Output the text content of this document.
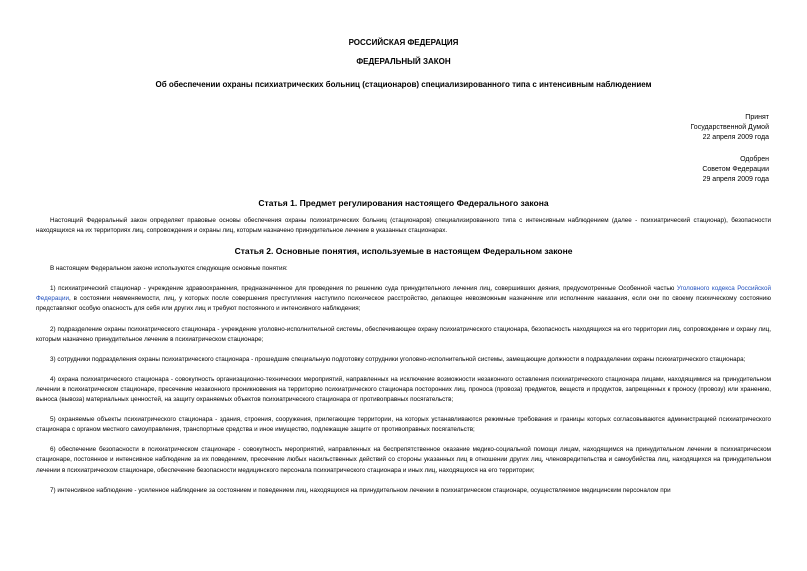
РОССИЙСКАЯ ФЕДЕРАЦИЯ
ФЕДЕРАЛЬНЫЙ ЗАКОН
Об обеспечении охраны психиатрических больниц (стационаров) специализированного типа с интенсивным наблюдением
Принят
Государственной Думой
22 апреля 2009 года
Одобрен
Советом Федерации
29 апреля 2009 года
Статья 1. Предмет регулирования настоящего Федерального закона

Настоящий Федеральный закон определяет правовые основы обеспечения охраны психиатрических больниц (стационаров) специализированного типа с интенсивным наблюдением (далее - психиатрический стационар), безопасности находящихся на их территориях лиц, сопровождения и охраны лиц, которым назначено принудительное лечение в указанных стационарах.

Статья 2. Основные понятия, используемые в настоящем Федеральном законе

В настоящем Федеральном законе используются следующие основные понятия:

1) психиатрический стационар - учреждение здравоохранения, предназначенное для проведения по решению суда принудительного лечения лиц, совершивших деяния, предусмотренные Особенной частью Уголовного кодекса Российской Федерации, в состоянии невменяемости, лиц, у которых после совершения преступления наступило психическое расстройство, делающее невозможным назначение или исполнение наказания, если они по своему психическому состоянию представляют особую опасность для себя или других лиц и требуют постоянного и интенсивного наблюдения;

2) подразделение охраны психиатрического стационара - учреждение уголовно-исполнительной системы, обеспечивающее охрану психиатрического стационара, безопасность находящихся на его территории лиц, сопровождение и охрану лиц, которым назначено принудительное лечение в психиатрическом стационаре;

3) сотрудники подразделения охраны психиатрического стационара - прошедшие специальную подготовку сотрудники уголовно-исполнительной системы, замещающие должности в подразделении охраны психиатрического стационара;

4) охрана психиатрического стационара - совокупность организационно-технических мероприятий, направленных на исключение возможности незаконного оставления психиатрического стационара лицами, находящимися на принудительном лечении в психиатрическом стационаре, пресечение незаконного проникновения на территорию психиатрического стационара посторонних лиц, проноса (провоза) предметов, веществ и продуктов, запрещенных к проносу (провозу) или хранению, выноса (вывоза) материальных ценностей, на защиту охраняемых объектов психиатрического стационара от противоправных посягательств;

5) охраняемые объекты психиатрического стационара - здания, строения, сооружения, прилегающие территории, на которых устанавливаются режимные требования и границы которых согласовываются администрацией психиатрического стационара с органом местного самоуправления, транспортные средства и иное имущество, подлежащие защите от противоправных посягательств;

6) обеспечение безопасности в психиатрическом стационаре - совокупность мероприятий, направленных на беспрепятственное оказание медико-социальной помощи лицам, находящимся на принудительном лечении в психиатрическом стационаре, постоянное и интенсивное наблюдение за их поведением, пресечение любых насильственных действий со стороны указанных лиц в отношении других лиц, членовредительства и самоубийства лиц, находящихся на принудительном лечении в психиатрическом стационаре, обеспечение безопасности медицинского персонала психиатрического стационара и иных лиц, находящихся на его территории;

7) интенсивное наблюдение - усиленное наблюдение за состоянием и поведением лиц, находящихся на принудительном лечении в психиатрическом стационаре, осуществляемое медицинским персоналом при
